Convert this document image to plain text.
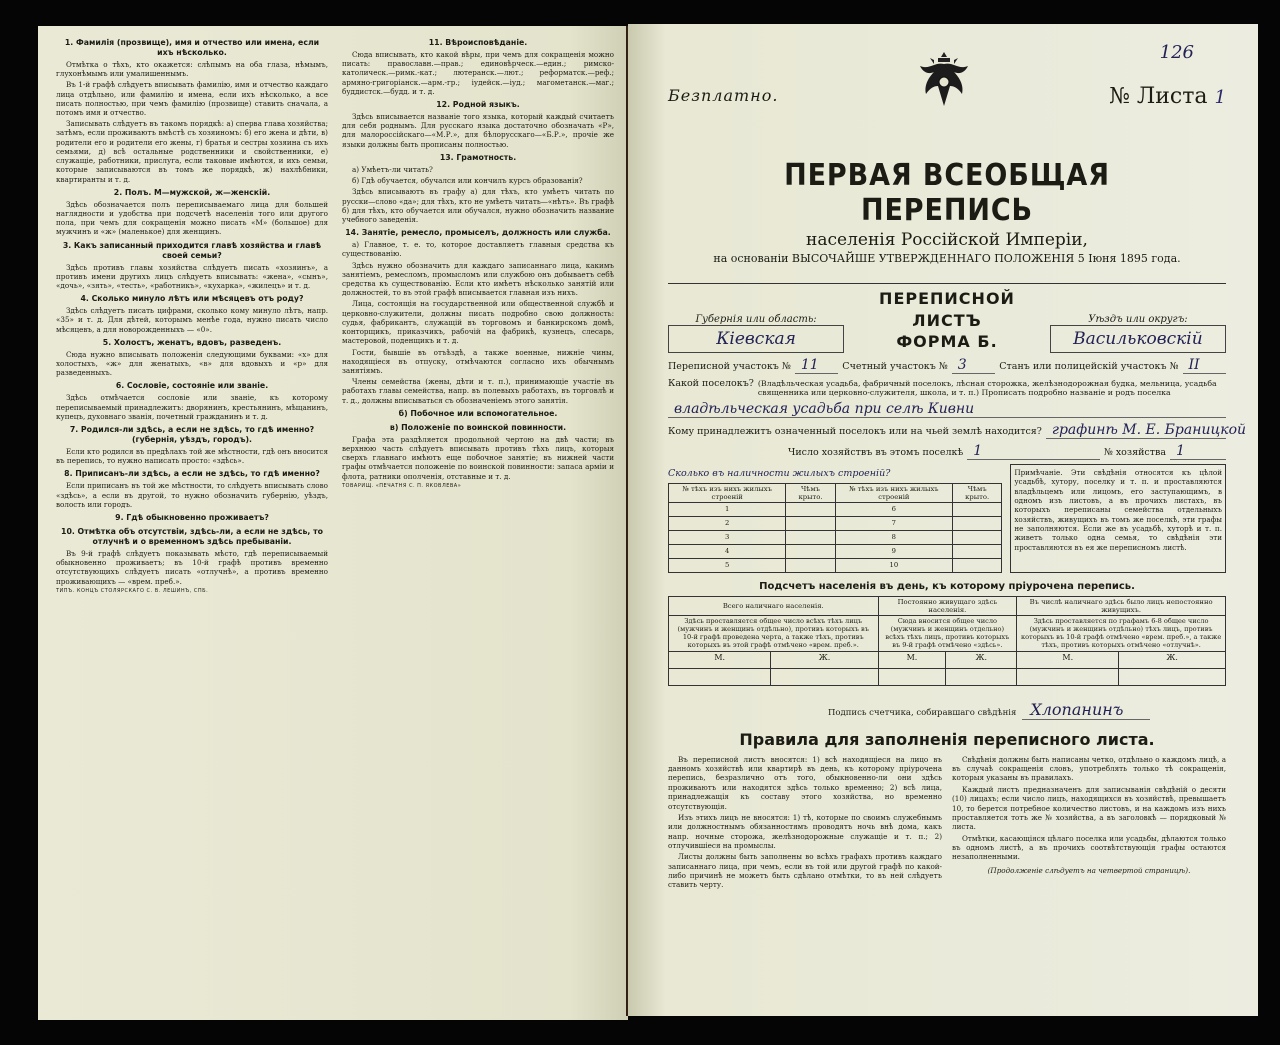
1. Фамилія (прозвище), имя и отчество или имена, если ихъ нѣсколько.

Отмѣтка о тѣхъ, кто окажется: слѣпымъ на оба глаза, нѣмымъ, глухонѣмымъ или умалишеннымъ.

Въ 1-й графѣ слѣдуетъ вписывать фамилію, имя и отчество каждаго лица отдѣльно, или фамилію и имена, если ихъ нѣсколько, а все писать полностью, при чемъ фамилію (прозвище) ставить сначала, а потомъ имя и отчество.

Записывать слѣдуетъ въ такомъ порядкѣ: а) сперва глава хозяйства; затѣмъ, если проживаютъ вмѣстѣ съ хозяиномъ: б) его жена и дѣти, в) родители его и родители его жены, г) братья и сестры хозяина съ ихъ семьями, д) всѣ остальные родственники и свойственники, е) служащіе, работники, прислуга, если таковые имѣются, и ихъ семьи, которые записываются въ томъ же порядкѣ, ж) нахлѣбники, квартиранты и т. д.

2. Полъ. М—мужской, ж—женскій.

Здѣсь обозначается полъ переписываемаго лица для большей наглядности и удобства при подсчетѣ населенія того или другого пола, при чемъ для сокращенія можно писать «М» (большое) для мужчинъ и «ж» (маленькое) для женщинъ.

3. Какъ записанный приходится главѣ хозяйства и главѣ своей семьи?

Здѣсь противъ главы хозяйства слѣдуетъ писать «хозяинъ», а противъ имени другихъ лицъ слѣдуетъ вписывать: «жена», «сынъ», «дочь», «зять», «тесть», «работникъ», «кухарка», «жилецъ» и т. д.

4. Сколько минуло лѣтъ или мѣсяцевъ отъ роду?

Здѣсь слѣдуетъ писать цифрами, сколько кому минуло лѣтъ, напр. «35» и т. д. Для дѣтей, которымъ менѣе года, нужно писать число мѣсяцевъ, а для новорожденныхъ — «0».

5. Холостъ, женатъ, вдовъ, разведенъ.

Сюда нужно вписывать положенія следующими буквами: «х» для холостыхъ, «ж» для женатыхъ, «в» для вдовыхъ и «р» для разведенныхъ.

6. Сословіе, состояніе или званіе.

Здѣсь отмѣчается сословіе или званіе, къ которому переписываемый принадлежитъ: дворянинъ, крестьянинъ, мѣщанинъ, купецъ, духовнаго званія, почетный гражданинъ и т. д.

7. Родился-ли здѣсь, а если не здѣсь, то гдѣ именно? (губернія, уѣздъ, городъ).

Если кто родился въ предѣлахъ той же мѣстности, гдѣ онъ вносится въ перепись, то нужно написать просто: «здѣсь».

8. Приписанъ-ли здѣсь, а если не здѣсь, то гдѣ именно?

Если приписанъ въ той же мѣстности, то слѣдуетъ вписывать слово «здѣсь», а если въ другой, то нужно обозначить губернію, уѣздъ, волость или городъ.

9. Гдѣ обыкновенно проживаетъ?
10. Отмѣтка объ отсутствіи, здѣсь-ли, а если не здѣсь, то отлучнѣ и о временномъ здѣсь пребываніи.

Въ 9-й графѣ слѣдуетъ показывать мѣсто, гдѣ переписываемый обыкновенно проживаетъ; въ 10-й графѣ противъ временно отсутствующихъ слѣдуетъ писать «отлучнѣ», а противъ временно проживающихъ — «врем. преб.».

ТИПЪ. КОНЦЪ СТОЛЯРСКАГО С. В. ЛЕШИНЪ, СПБ.
11. Вѣроисповѣданіе.

Сюда вписывать, кто какой вѣры, при чемъ для сокращенія можно писать: православн.—прав.; единовѣрческ.—един.; римско-католическ.—римк.-кат.; лютеранск.—лют.; реформатск.—реф.; армяно-григоріанск.—арм.-гр.; іудейск.—іуд.; магометанск.—маг.; буддистск.—будд. и т. д.

12. Родной языкъ.

Здѣсь вписывается названіе того языка, который каждый считаетъ для себя роднымъ. Для русскаго языка достаточно обозначать «Р», для малороссійскаго—«М.Р.», для бѣлорусскаго—«Б.Р.», прочіе же языки должны быть прописаны полностью.

13. Грамотность.

а) Умѣетъ-ли читать?

б) Гдѣ обучается, обучался или кончилъ курсъ образованія?

Здѣсь вписываютъ въ графу а) для тѣхъ, кто умѣетъ читать по русски—слово «да»; для тѣхъ, кто не умѣетъ читать—«нѣтъ». Въ графѣ б) для тѣхъ, кто обучается или обучался, нужно обозначить название учебного заведенія.

14. Занятіе, ремесло, промыселъ, должность или служба.

а) Главное, т. е. то, которое доставляетъ главныя средства къ существованію.

Здѣсь нужно обозначить для каждаго записаннаго лица, какимъ занятіемъ, ремесломъ, промысломъ или службою онъ добываетъ себѣ средства къ существованію. Если кто имѣетъ нѣсколько занятій или должностей, то въ этой графѣ вписывается главная изъ нихъ.

Лица, состоящія на государственной или общественной службѣ и церковно-служители, должны писать подробно свою должность: судья, фабрикантъ, служащій въ торговомъ и банкирскомъ домѣ, конторщикъ, приказчикъ, рабочій на фабрикѣ, кузнецъ, слесарь, мастеровой, поденщикъ и т. д.

Гости, бывшіе въ отъѣздѣ, а также военные, нижніе чины, находящіеся въ отпуску, отмѣчаются согласно ихъ обычнымъ занятіямъ.

Члены семейства (жены, дѣти и т. п.), принимающіе участіе въ работахъ главы семейства, напр. въ полевыхъ работахъ, въ торговлѣ и т. д., должны вписываться съ обозначеніемъ этого занятія.

б) Побочное или вспомогательное.
в) Положеніе по воинской повинности.

Графа эта раздѣляется продольной чертою на двѣ части; въ верхнюю часть слѣдуетъ вписывать противъ тѣхъ лицъ, которыя сверхъ главнаго имѣютъ еще побочное занятіе; въ нижней части графы отмѣчается положеніе по воинской повинности: запаса арміи и флота, ратники ополченія, отставные и т. д.

ТОВАРИЩ. «ПЕЧАТНЯ С. П. ЯКОВЛЕВА»
126
Безплатно.	№ Листа 1
ПЕРВАЯ ВСЕОБЩАЯ ПЕРЕПИСЬ
населенія Россійской Имперіи,
на основаніи ВЫСОЧАЙШЕ УТВЕРЖДЕННАГО ПОЛОЖЕНІЯ 5 Іюня 1895 года.
Губернія или область:
Кіевская
ПЕРЕПИСНОЙ ЛИСТЪ
ФОРМА Б.
Уѣздъ или округъ:
Васильковскій
Переписной участокъ № 11	Счетный участокъ № 3	Станъ или полицейскій участокъ № II
Какой поселокъ? (Владѣльческая усадьба, фабричный поселокъ, лѣсная сторожка, желѣзнодорожная будка, мельница, усадьба священника или церковно-служителя, школа, и т. п.) Прописать подробно названіе и родъ поселка
владѣльческая усадьба при селѣ Кивни
Кому принадлежитъ означенный поселокъ или на чьей землѣ находится? графинѣ М. Е. Браницкой
Число хозяйствъ въ этомъ поселкѣ 1	№ хозяйства 1
Сколько въ наличности жилыхъ строеній?
№ тѣхъ изъ нихъ жилыхъ строеній	Чѣмъ крыто.	№ тѣхъ изъ нихъ жилыхъ строеній	Чѣмъ крыто.
1		6	
2		7	
3		8	
4		9	
5		10	
Примѣчаніе. Эти свѣдѣнія относятся къ цѣлой усадьбѣ, хутору, поселку и т. п. и проставляются владѣльцемъ или лицомъ, его заступающимъ, в одномъ изъ листовъ, а въ прочихъ листахъ, въ которыхъ переписаны семейства отдельныхъ хозяйствъ, живущихъ въ томъ же поселкѣ, эти графы не заполняются. Если же въ усадьбѣ, хуторѣ и т. п. живетъ только одна семья, то свѣдѣнія эти проставляются въ ея же переписномъ листѣ.
Подсчетъ населенія въ день, къ которому пріурочена перепись.
Всего наличнаго населенія.		Постоянно живущаго здѣсь населенія.		Въ числѣ наличнаго здѣсь было лицъ непостоянно живущихъ.	
Здѣсь проставляется общее число всѣхъ тѣхъ лицъ (мужчинъ и женщинъ отдѣльно), противъ которыхъ въ 10-й графѣ проведена черта, а также тѣхъ, противъ которыхъ въ этой графѣ отмѣчено «врем. преб.».		Сюда вносится общее число (мужчинъ и женщинъ отдельно) всѣхъ тѣхъ лицъ, противъ которыхъ въ 9-й графѣ отмѣчено «здѣсь».		Здѣсь проставляется по графамъ 6-8 общее число (мужчинъ и женщинъ отдѣльно) тѣхъ лицъ, противъ которыхъ въ 10-й графѣ отмѣчено «врем. преб.», а также тѣхъ, противъ которыхъ отмѣчено «отлучнѣ».	
М.	Ж.	М.	Ж.	М.	Ж.

Подпись счетчика, собиравшаго свѣдѣнія Хлопанинъ
Правила для заполненія переписного листа.

Въ переписной листъ вносятся: 1) всѣ находящіеся на лицо въ данномъ хозяйствѣ или квартирѣ въ день, къ которому пріурочена перепись, безразлично отъ того, обыкновенно-ли они здѣсь проживаютъ или находятся здѣсь только временно; 2) всѣ лица, принадлежащія къ составу этого хозяйства, но временно отсутствующія.

Изъ этихъ лицъ не вносятся: 1) тѣ, которые по своимъ служебнымъ или должностнымъ обязанностямъ проводятъ ночь внѣ дома, какъ напр. ночные сторожа, желѣзнодорожные служащіе и т. п.; 2) отлучившіеся на промыслы.

Листы должны быть заполнены во всѣхъ графахъ противъ каждаго записаннаго лица, при чемъ, если въ той или другой графѣ по какой-либо причинѣ не можетъ быть сдѣлано отмѣтки, то въ ней слѣдуетъ ставить черту.

Свѣдѣнія должны быть написаны четко, отдѣльно о каждомъ лицѣ, а въ случаѣ сокращенія словъ, употреблять только тѣ сокращенія, которыя указаны въ правилахъ.

Каждый листъ предназначенъ для записыванія свѣдѣній о десяти (10) лицахъ; если число лицъ, находящихся въ хозяйствѣ, превышаетъ 10, то берется потребное количество листовъ, и на каждомъ изъ нихъ проставляется тотъ же № хозяйства, а въ заголовкѣ — порядковый № листа.

Отмѣтки, касающіяся цѣлаго поселка или усадьбы, дѣлаются только въ одномъ листѣ, а въ прочихъ соотвѣтствующія графы остаются незаполненными.

(Продолженіе слѣдуетъ на четвертой страницѣ).
